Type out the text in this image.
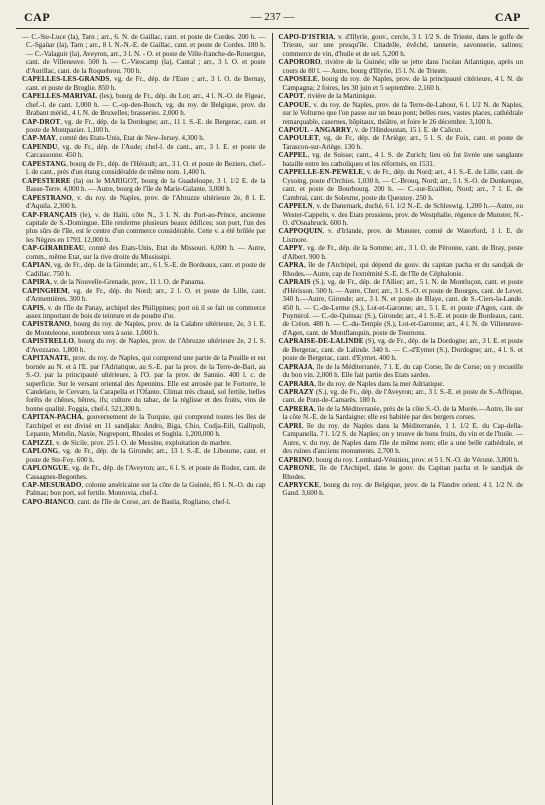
CAP	— 237 —	CAP

— C.-Ste-Luce (la), Tarn ; arr., 6. N. de Gaillac, cant. et poste de Cordes. 200 h. — C.-Sgaüar (la), Tarn ; arr., 8 l. N.-N.-E. de Gaillac, cant. et poste de Cordes. 180 h. — C.-Valaguir (la), Aveyron, arr., 3 l. N. - O. et poste de Ville-franche-de-Rouergue, cant. de Villeneuve. 500 h. — C.-Viescamp (la), Cantal ; arr., 3 l. O. et poste d'Aurillac, cant. de la Roquebrou. 700 h.

CAPELLES-LES-GRANDS, vg. de Fr., dép. de l'Eure ; arr., 3 l. O. de Bernay, cant. et poste de Broglie. 850 h.

CAPELLES-MARIVAL (les), bourg de Fr., dép. du Lot; arr., 4 l. N.-O. de Figeac, chef.-l. de cant. 1,000 h. — C.-op-den-Bosch, vg. du roy. de Belgique, prov. du Brabant mérid., 4 l. N. de Bruxelles; brasseries. 2,000 h.

CAP-DROT, vg. de Fr., dép. de la Dordogne; arr., 11 l. S.-E. de Bergerac, cant. et poste de Montpazier. 1,100 h.

CAP-MAY, comté des Etats-Unis, Etat de New-Jersey. 4,300 h.

CAPENDU, vg. de Fr., dép. de l'Aude; chef-l. de cant., arr., 3 l. E. et poste de Carcassonne. 450 h.

CAPESTANG, bourg de Fr., dép. de l'Hérault; arr., 3 l. O. et poste de Beziers, chef.-l. de cant., près d'un étang considérable de même nom. 1,400 h.

CAPESTERRE (la) ou le MARIGOT, bourg de la Guadeloupe, 3 l. 1/2 E. de la Basse-Terre. 4,000 h. — Autre, bourg de l'île de Marie-Galante. 3,000 h.

CAPESTRANO, v. du roy. de Naples, prov. de l'Abruzze ultérieure 2e, 8 l. E. d'Aquila. 2,300 h.

CAP-FRANÇAIS (le), v. de Haïti, côte N., 3 l. N. du Port-au-Prince, ancienne capitale de S.-Domingue. Elle renferme plusieurs beaux édifices; son port, l'un des plus sûrs de l'île, est le centre d'un commerce considérable. Cette v. a été brûlée par les Nègres en 1793. 12,000 h.

CAP-GIRARDEAU, comté des Etats-Unis, Etat du Missouri. 6,000 h. — Autre, comm., même Etat, sur la rive droite du Mississipi.

CAPIAN, vg. de Fr., dép. de la Gironde; arr., 6 l. S.-E. de Bordeaux, cant. et poste de Cadillac. 750 h.

CAPIRA, v. de la Nouvelle-Grenade, prov., 11 l. O. de Panama.

CAPINGHEM, vg. de Fr., dép. du Nord; arr., 2 l. O. et poste de Lille, cant. d'Armentières. 300 h.

CAPIS, v. de l'île de Panay, archipel des Philippines; port où il se fait un commerce assez important de bois de teinture et de poudre d'or.

CAPISTRANO, bourg du roy. de Naples, prov. de la Calabre ultérieure, 2e, 3 l. E. de Monteleone, nombreux vers à soie. 1,000 h.

CAPISTRELLO, bourg du roy. de Naples, prov. de l'Abruzze ultérieure 2e, 2 l. S. d'Avezzano. 1,800 h.

CAPITANATE, prov. du roy. de Naples, qui comprend une partie de la Pouille et est bornée au N. et à l'E. par l'Adriatique, au S.-E. par la prov. de la Terre-de-Bari, au S.-O. par la principauté ultérieure, à l'O. par la prov. de Sannio. 400 l. c. de superficie. Sur le versant oriental des Apennins. Elle est arrosée par le Fortorre, le Candelaro, le Cervaro, la Carapella et l'Ofanto. Climat très chaud, sol fertile, belles forêts de chênes, hêtres, ifs; culture du tabac, de la réglisse et des fruits, vins de bonne qualité. Foggia, chef-l. 521,300 h.

CAPITAN-PACHA, gouvernement de la Turquie, qui comprend toutes les îles de l'archipel et est divisé en 11 sandjaks: Andro, Biga, Chio, Codja-Eili, Gallipoli, Lepante, Metelin, Naxie, Negrepont, Rhodes et Soghla. 1,200,000 h.

CAPIZZI, v. de Sicile, prov. 25 l. O. de Messine, exploitation de marbre.

CAPLONG, vg. de Fr., dép. de la Gironde; arr., 13 l. S.-E. de Libourne, cant. et poste de Ste-Foy. 600 h.

CAPLONGUE, vg. de Fr., dép. de l'Aveyron; arr., 6 l. S. et poste de Rodez, cant. de Cassagnes-Begonhes.

CAP-MESURADO, colonie américaine sur la côte de la Guinée, 85 l. N.-O. du cap Palmas; bon port, sol fertile. Monrovia, chef-l.

CAPO-BIANCO, cant. de l'île de Corse, arr. de Bastia, Rogliano, chef-l.

CAPO-D'ISTRIA, v. d'Illyrie, gouv., cercle, 3 l. 1/2 S. de Trieste, dans le golfe de Trieste, sur une presqu'île. Citadelle, évêché, tannerie, savonnerie, salines; commerce de vin, d'huile et de sel. 5,200 h.

CAPORORO, rivière de la Guinée; elle se jette dans l'océan Atlantique, après un cours de 80 l. — Autre, bourg d'Illyrie, 15 l. N. de Trieste.

CAPOSELE, bourg du roy. de Naples, prov. de la principauté citérieure, 4 l. N. de Campagna; 2 foires, les 30 juin et 5 septembre. 2,160 h.

CAPOT, rivière de la Martinique.

CAPOUE, v. du roy. de Naples, prov. de la Terre-de-Labour, 6 l. 1/2 N. de Naples, sur le Volturno que l'on passe sur un beau pont; belles rues, vastes places, cathédrale remarquable, casernes, hôpitaux, théâtre, et foire le 26 décembre. 3,100 h.

CAPOUL - ANGARRY, v. de l'Hindoustan, 15 l. E. de Calicut.

CAPOULET, vg. de Fr., dép. de l'Ariège; arr., 5 l. S. de Foix, cant. et poste de Tarascon-sur-Ariège. 130 h.

CAPPEL, vg. de Suisse; cant., 4 l. S. de Zurich; lieu où fut livrée une sanglante bataille entre les catholiques et les réformés, en 1531.

CAPPELLE-EN-PEWELE, v. de Fr., dép. du Nord; arr., 4 l. S.-E. de Lille, cant. de Cysoing, poste d'Orchies. 1,030 h. — C.-Brouq, Nord; arr., 5 l. S.-O. de Dunkerque, cant. et poste de Bourbourg. 200 h. — C.-sur-Ecaillon, Nord; arr., 7 l. E. de Cambrai, cant. de Solesme, poste du Quesnoy. 250 h.

CAPPELN, v. de Danemark, duché, 6 l. 1/2 N.-E. de Schleswig. 1,200 h.—Autre, ou Wester-Cappeln, v. des Etats prussiens, prov. de Westphalie, régence de Munster, N.-O. d'Osnabruck. 600 h.

CAPPOQUIN, v. d'Irlande, prov. de Munster, comté de Waterford, 1 l. E. de Lismore.

CAPPY, vg. de Fr., dép. de la Somme; arr., 3 l. O. de Péronne, cant. de Bray, poste d'Albert. 900 h.

CAPRA, île de l'Archipel, qui dépend du gouv. du capitan pacha et du sandjak de Rhodes.—Autre, cap de l'extrémité S.-E. de l'île de Céphalonie.

CAPRAIS (S.), vg. de Fr., dép. de l'Allier; arr., 5 l. N. de Montluçon, cant. et poste d'Hérisson. 500 h. — Autre, Cher; arr., 3 l. S.-O. et poste de Bourges, cant. de Levet. 340 h.—Autre, Gironde; arr., 3 l. N. et poste de Blaye, cant. de S.-Ciers-la-Lande. 450 h. — C.-de-Lerme (S.), Lot-et-Garonne; arr., 5 l. E. et poste d'Agen, cant. de Puymirol. — C.-de-Quinsac (S.), Gironde; arr., 4 l. S.-E. et poste de Bordeaux, cant. de Créon. 480 h. — C.-du-Temple (S.), Lot-et-Garonne; arr., 4 l. N. de Villeneuve-d'Agen, cant. de Montflanquin, poste de Tournons.

CAPRAISE-DE-LALINDE (S), vg. de Fr., dép. de la Dordogne; arr., 3 l. E. et poste de Bergerac, cant. de Lalinde. 340 h. — C.-d'Eymet (S.), Dordogne; arr., 4 l. S. et poste de Bergerac, cant. d'Eymet. 400 h.

CAPRAJA, île de la Méditerranée, 7 l. E. du cap Corse, île de Corse; on y recueille du bon vin. 2,000 h. Elle fait partie des Etats sardes.

CAPRARA, île du roy. de Naples dans la mer Adriatique.

CAPRAZY (S.), vg. de Fr., dép. de l'Aveyron; arr., 3 l. S.-E. et poste de S.-Affrique, cant. de Pont-de-Camarès. 180 h.

CAPRERA, île de la Méditerranée, près de la côte S.-O. de la Morée.—Autre, île sur la côte N.-E. de la Sardaigne; elle est habitée par des bergers corses.

CAPRI, île du roy. de Naples dans la Méditerranée, 1 l. 1/2 E. du Cap-della-Campanella, 7 l. 1/2 S. de Naples; on y trouve de bons fruits, du vin et de l'huile. — Autre, v. du roy. de Naples dans l'île de même nom; elle a une belle cathédrale, et des ruines d'anciens monuments. 2,700 h.

CAPRINO, bourg du roy. Lombard-Vénitien, prov. et 5 l. N.-O. de Vérone. 3,800 h.

CAPRONE, île de l'Archipel, dans le gouv. du Capitan pacha et le sandjak de Rhodes.

CAPRYCKE, bourg du roy. de Belgique, prov. de la Flandre orient. 4 l. 1/2 N. de Gand. 3,600 h.
